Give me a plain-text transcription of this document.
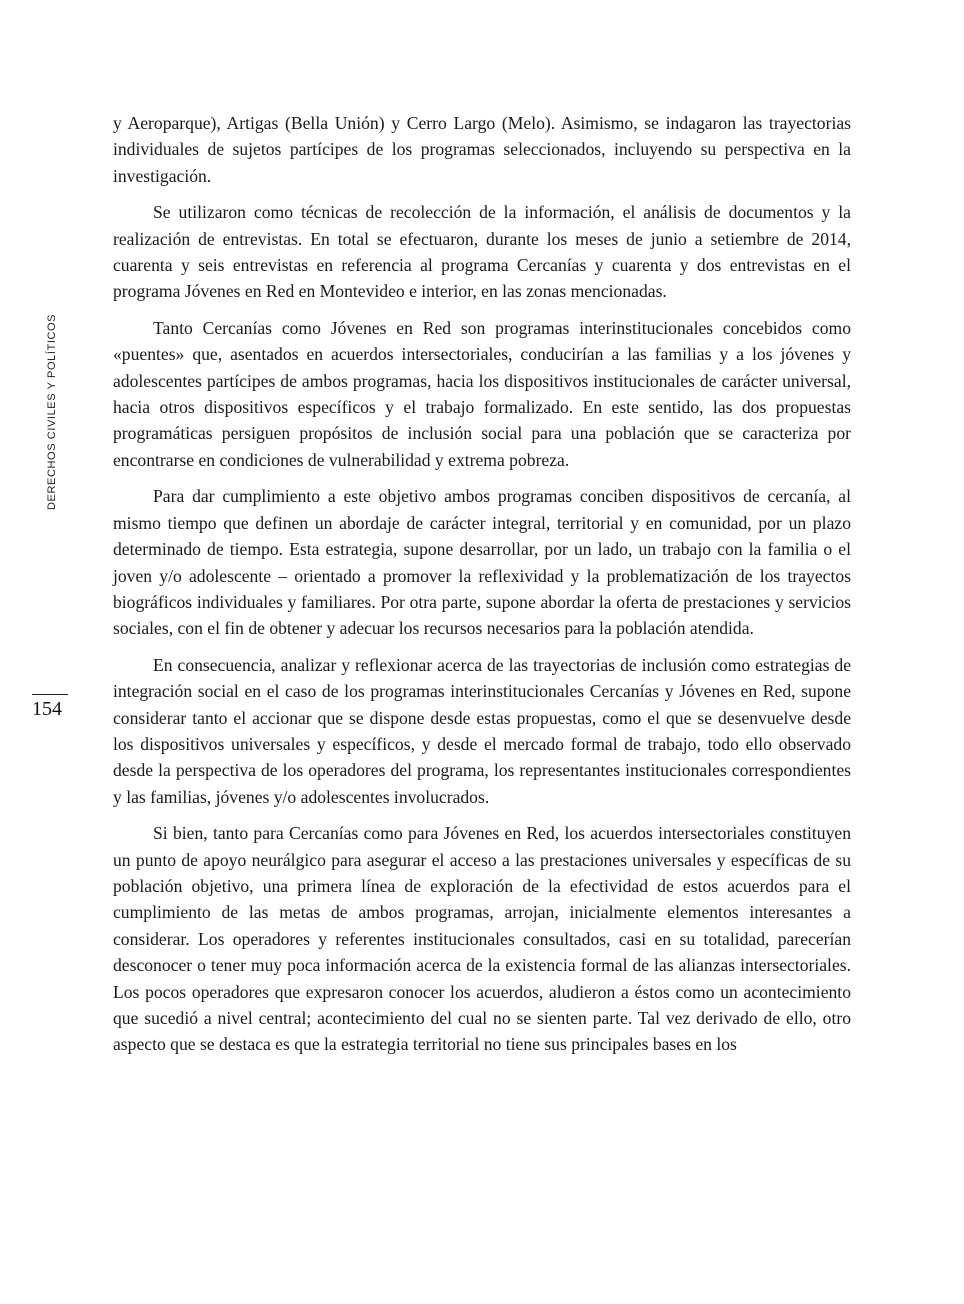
DERECHOS CIVILES Y POLÍTICOS
154

y Aeroparque), Artigas (Bella Unión) y Cerro Largo (Melo). Asimismo, se indagaron las trayectorias individuales de sujetos partícipes de los programas seleccionados, incluyendo su perspectiva en la investigación.

Se utilizaron como técnicas de recolección de la información, el análisis de documentos y la realización de entrevistas. En total se efectuaron, durante los meses de junio a setiembre de 2014, cuarenta y seis entrevistas en referencia al programa Cercanías y cuarenta y dos entrevistas en el programa Jóvenes en Red en Montevideo e interior, en las zonas mencionadas.

Tanto Cercanías como Jóvenes en Red son programas interinstitucionales concebidos como «puentes» que, asentados en acuerdos intersectoriales, conducirían a las familias y a los jóvenes y adolescentes partícipes de ambos programas, hacia los dispositivos institucionales de carácter universal, hacia otros dispositivos específicos y el trabajo formalizado. En este sentido, las dos propuestas programáticas persiguen propósitos de inclusión social para una población que se caracteriza por encontrarse en condiciones de vulnerabilidad y extrema pobreza.

Para dar cumplimiento a este objetivo ambos programas conciben dispositivos de cercanía, al mismo tiempo que definen un abordaje de carácter integral, territorial y en comunidad, por un plazo determinado de tiempo. Esta estrategia, supone desarrollar, por un lado, un trabajo con la familia o el joven y/o adolescente – orientado a promover la reflexividad y la problematización de los trayectos biográficos individuales y familiares. Por otra parte, supone abordar la oferta de prestaciones y servicios sociales, con el fin de obtener y adecuar los recursos necesarios para la población atendida.

En consecuencia, analizar y reflexionar acerca de las trayectorias de inclusión como estrategias de integración social en el caso de los programas interinstitucionales Cercanías y Jóvenes en Red, supone considerar tanto el accionar que se dispone desde estas propuestas, como el que se desenvuelve desde los dispositivos universales y específicos, y desde el mercado formal de trabajo, todo ello observado desde la perspectiva de los operadores del programa, los representantes institucionales correspondientes y las familias, jóvenes y/o adolescentes involucrados.

Si bien, tanto para Cercanías como para Jóvenes en Red, los acuerdos intersectoriales constituyen un punto de apoyo neurálgico para asegurar el acceso a las prestaciones universales y específicas de su población objetivo, una primera línea de exploración de la efectividad de estos acuerdos para el cumplimiento de las metas de ambos programas, arrojan, inicialmente elementos interesantes a considerar. Los operadores y referentes institucionales consultados, casi en su totalidad, parecerían desconocer o tener muy poca información acerca de la existencia formal de las alianzas intersectoriales. Los pocos operadores que expresaron conocer los acuerdos, aludieron a éstos como un acontecimiento que sucedió a nivel central; acontecimiento del cual no se sienten parte. Tal vez derivado de ello, otro aspecto que se destaca es que la estrategia territorial no tiene sus principales bases en los
